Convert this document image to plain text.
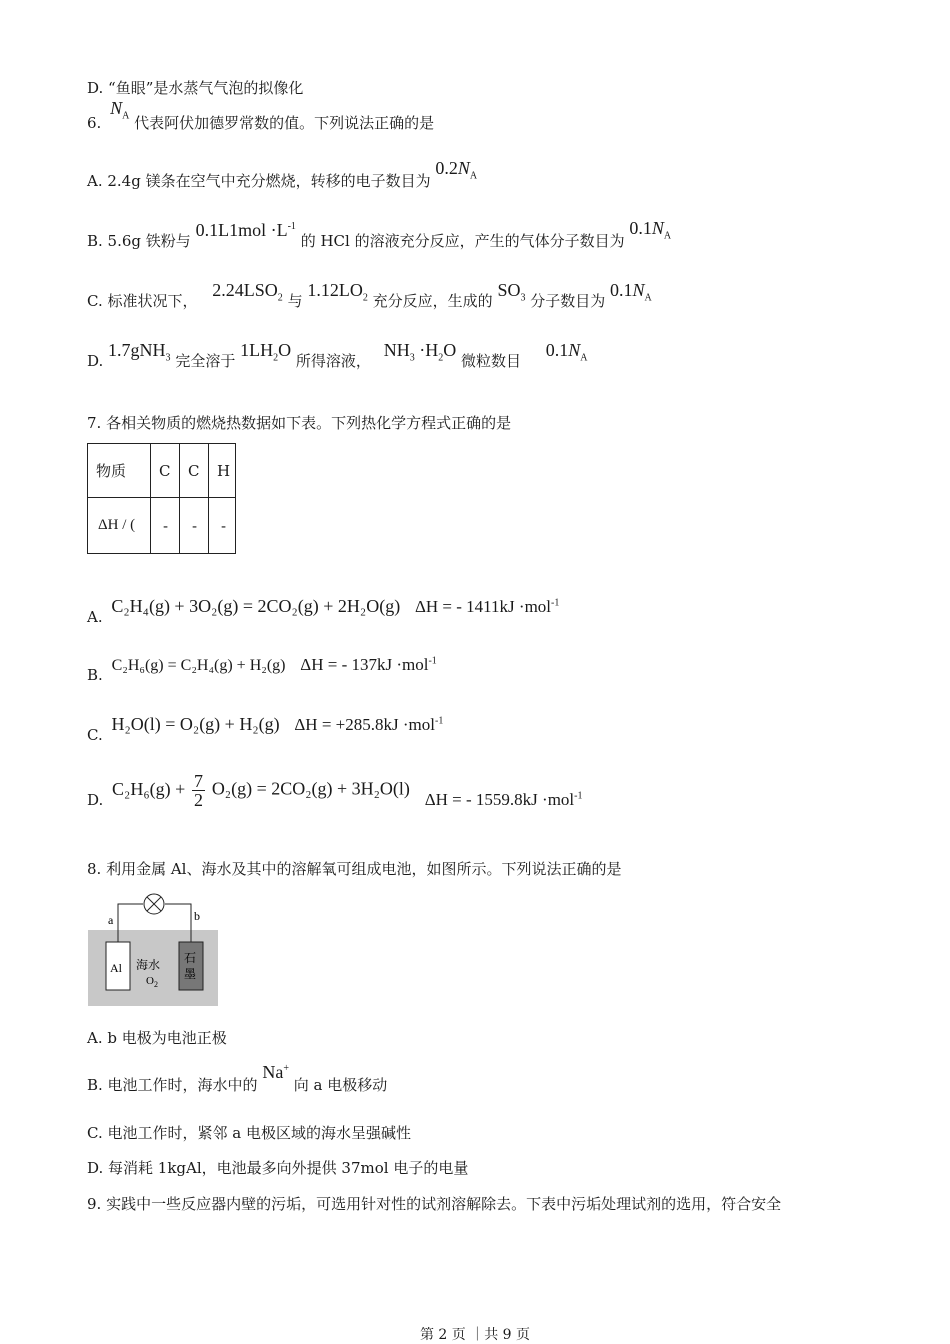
D. “鱼眼”是水蒸气气泡的拟像化
6. $N_A$ 代表阿伏加德罗常数的值。下列说法正确的是
A. 2.4g 镁条在空气中充分燃烧，转移的电子数目为 $0.2N_A$
B. 5.6g 铁粉与 $0.1L1mol \cdot L^{-1}$ 的 HCl 的溶液充分反应，产生的气体分子数目为 $0.1N_A$
C. 标准状况下， $2.24LSO_2$ 与 $1.12LO_2$ 充分反应，生成的 $SO_3$ 分子数目为 $0.1N_A$
D. 1.7gNH$_3$ 完全溶于 $1LH_2O$ 所得溶液， $NH_3 \cdot H_2O$ 微粒数目 $0.1N_A$
7. 各相关物质的燃烧热数据如下表。下列热化学方程式正确的是
物质	C	C	H
ΔH / (	-	-	-
A. C₂H₄(g) + 3O₂(g) = 2CO₂(g) + 2H₂O(g) ΔH = - 1411kJ ·mol$^{-1}$
B. C₂H₆(g) = C₂H₄(g) + H₂(g) ΔH = - 137kJ ·mol$^{-1}$
C. H₂O(l) = O₂(g) + H₂(g) ΔH = +285.8kJ ·mol$^{-1}$
D. $C_2H_6(g) + \frac{7}{2} O_2(g) = 2CO_2(g) + 3H_2O(l) \Delta H$ = - 1559.8kJ ·mol$^{-1}$
8. 利用金属 Al、海水及其中的溶解氧可组成电池，如图所示。下列说法正确的是
a	b
Al 海水
$O_2$
石
墨
A. b 电极为电池正极
B. 电池工作时，海水中的 Na+ 向 a 电极移动
C. 电池工作时，紧邻 a 电极区域的海水呈强碱性
D. 每消耗 1kgAl，电池最多向外提供 37mol 电子的电量
9. 实践中一些反应器内壁的污垢，可选用针对性的试剂溶解除去。下表中污垢处理试剂的选用，符合安全
第 2 页 ｜共 9 页
